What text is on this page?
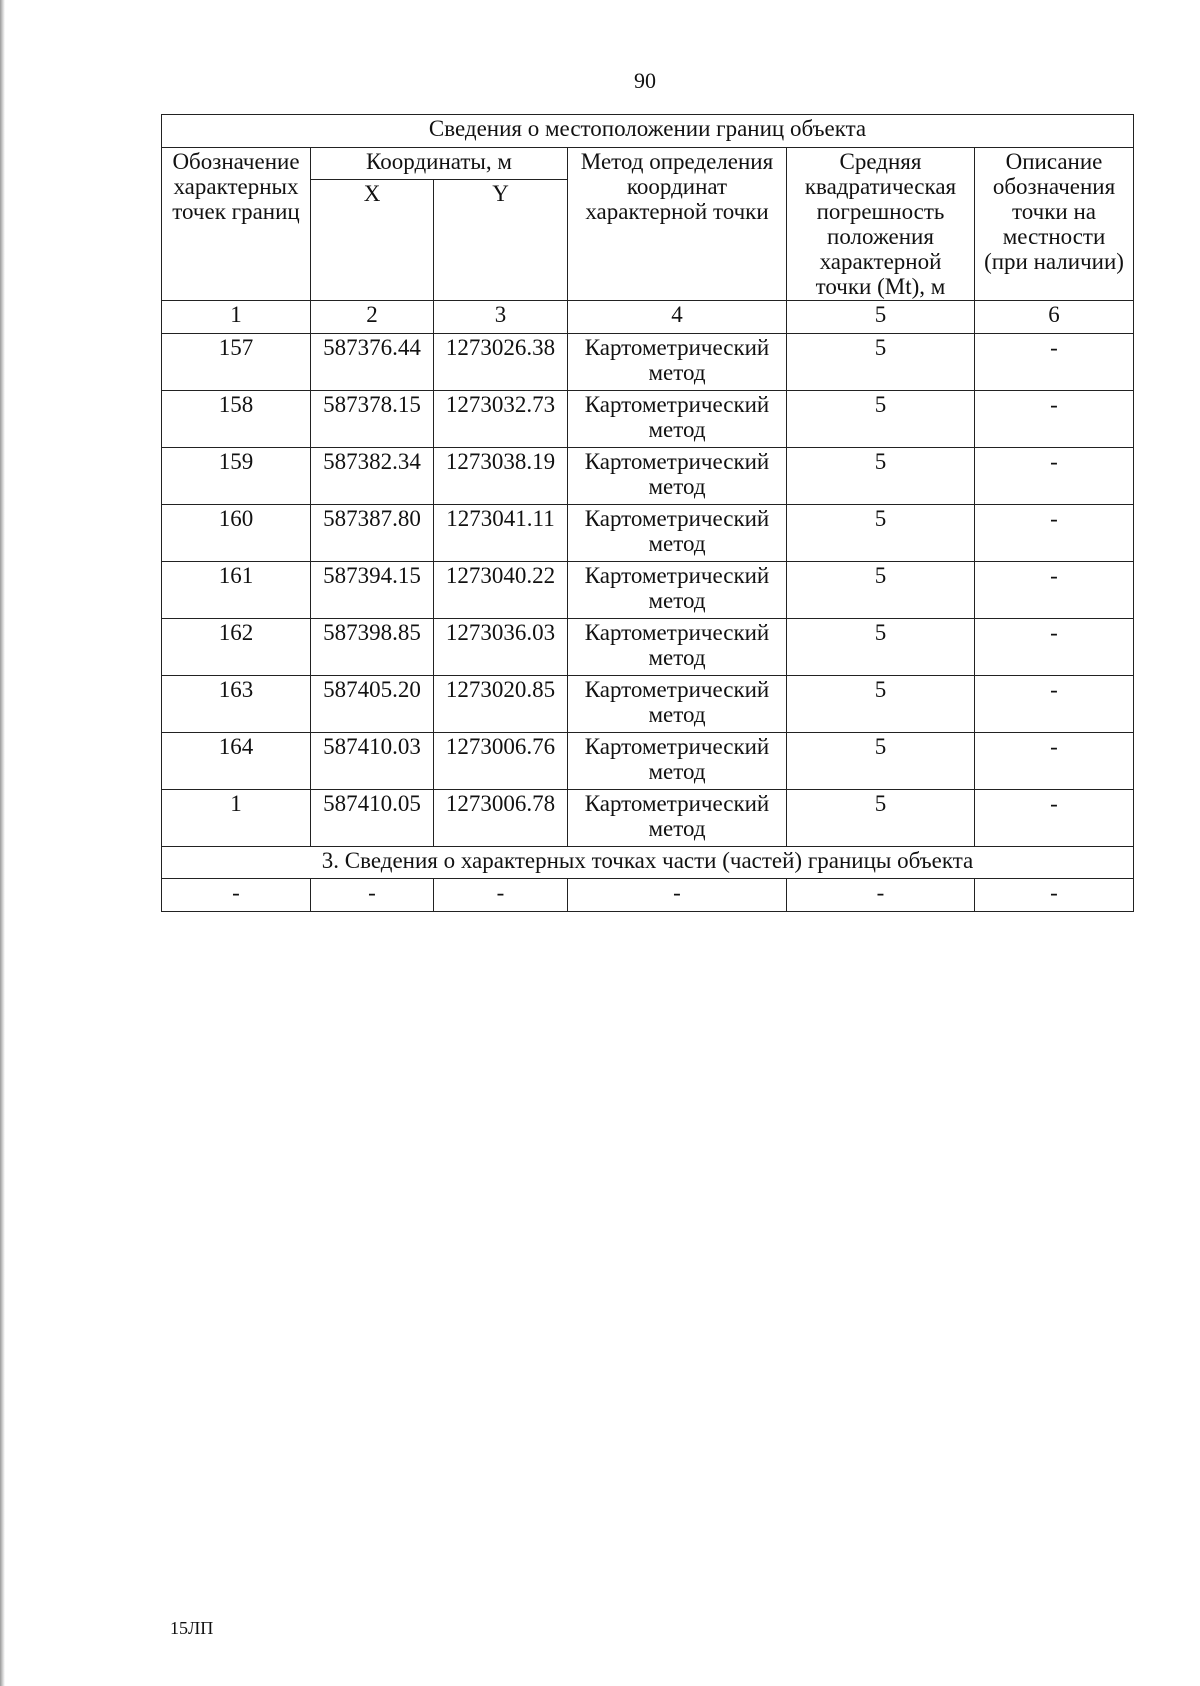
90
Сведения о местоположении границ объекта					
Обозначение характерных точек границ	Координаты, м		Метод определения координат характерной точки	Средняя квадратическая погрешность положения характерной точки (Mt), м	Описание обозначения точки на местности (при наличии)
	X	Y			
1	2	3	4	5	6
157	587376.44	1273026.38	Картометрический метод	5	-
158	587378.15	1273032.73	Картометрический метод	5	-
159	587382.34	1273038.19	Картометрический метод	5	-
160	587387.80	1273041.11	Картометрический метод	5	-
161	587394.15	1273040.22	Картометрический метод	5	-
162	587398.85	1273036.03	Картометрический метод	5	-
163	587405.20	1273020.85	Картометрический метод	5	-
164	587410.03	1273006.76	Картометрический метод	5	-
1	587410.05	1273006.78	Картометрический метод	5	-
3. Сведения о характерных точках части (частей) границы объекта					
-	-	-	-	-	-
15ЛП
